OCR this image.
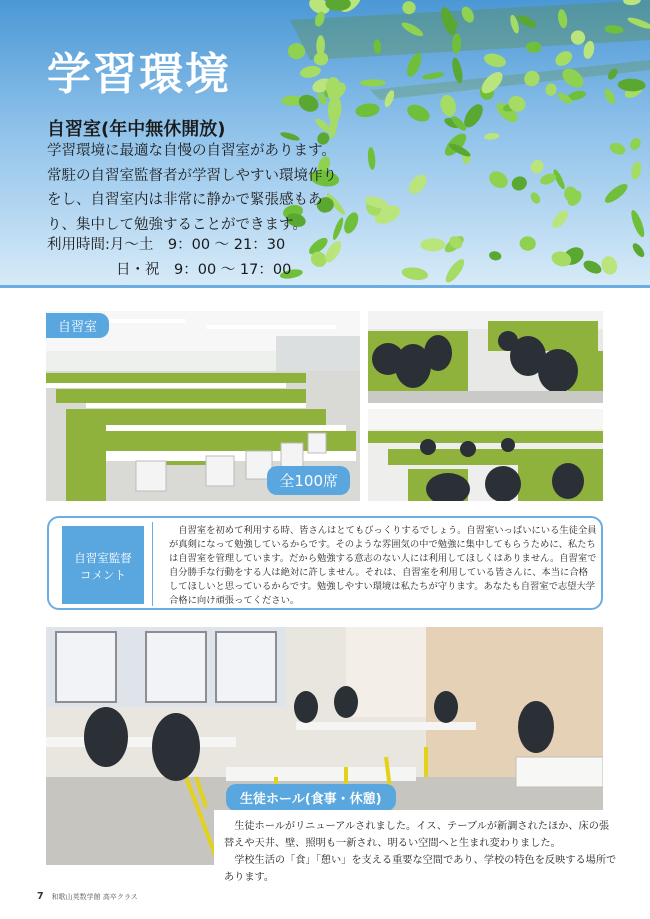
学習環境
自習室(年中無休開放)
学習環境に最適な自慢の自習室があります。常駐の自習室監督者が学習しやすい環境作りをし、自習室内は非常に静かで緊張感もあり、集中して勉強することができます。
利用時間:月〜土　9：00 〜 21：30
日・祝　9：00 〜 17：00
自習室
全100席
自習室監督
コメント
自習室を初めて利用する時、皆さんはとてもびっくりするでしょう。自習室いっぱいにいる生徒全員が真剣になって勉強しているからです。そのような雰囲気の中で勉強に集中してもらうために、私たちは自習室を管理しています。だから勉強する意志のない人には利用してほしくはありません。自習室で自分勝手な行動をする人は絶対に許しません。それは、自習室を利用している皆さんに、本当に合格してほしいと思っているからです。勉強しやすい環境は私たちが守ります。あなたも自習室で志望大学合格に向け頑張ってください。
生徒ホール(食事・休憩)
生徒ホールがリニューアルされました。イス、テーブルが新調されたほか、床の張替えや天井、壁、照明も一新され、明るい空間へと生まれ変わりました。
学校生活の「食」「憩い」を支える重要な空間であり、学校の特色を反映する場所であります。
7 和歌山英数学館 高卒クラス
